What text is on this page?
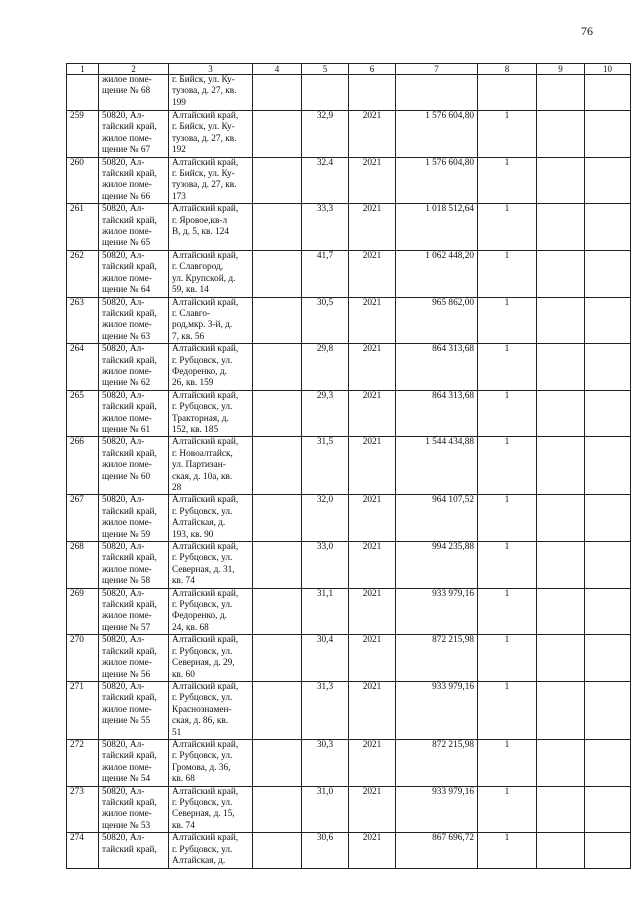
76
1	2	3	4	5	6	7	8	9	10
	жилое поме-
щение № 68	г. Бийск, ул. Ку-
тузова, д. 27, кв.
199							
259	50820, Ал-
тайский край,
жилое поме-
щение № 67	Алтайский край,
г. Бийск, ул. Ку-
тузова, д. 27, кв.
192		32,9	2021	1 576 604,80	1		
260	50820, Ал-
тайский край,
жилое поме-
щение № 66	Алтайский край,
г. Бийск, ул. Ку-
тузова, д. 27, кв.
173		32.4	2021	1 576 604,80	1		
261	50820, Ал-
тайский край,
жилое поме-
щение № 65	Алтайский край,
г. Яровое,кв-л
В, д. 5, кв. 124		33,3	2021	1 018 512,64	1		
262	50820, Ал-
тайский край,
жилое поме-
щение № 64	Алтайский край,
г. Славгород,
ул. Крупской, д.
59, кв. 14		41,7	2021	1 062 448,20	1		
263	50820, Ал-
тайский край,
жилое поме-
щение № 63	Алтайский край,
г. Славго-
род,мкр. 3-й, д.
7, кв. 56		30,5	2021	965 862,00	1		
264	50820, Ал-
тайский край,
жилое поме-
щение № 62	Алтайский край,
г. Рубцовск, ул.
Федоренко, д.
26, кв. 159		29,8	2021	864 313,68	1		
265	50820, Ал-
тайский край,
жилое поме-
щение № 61	Алтайский край,
г. Рубцовск, ул.
Тракторная, д.
152, кв. 185		29,3	2021	864 313,68	1		
266	50820, Ал-
тайский край,
жилое поме-
щение № 60	Алтайский край,
г. Новоалтайск,
ул. Партизан-
ская, д. 10а, кв.
28		31,5	2021	1 544 434,88	1		
267	50820, Ал-
тайский край,
жилое поме-
щение № 59	Алтайский край,
г. Рубцовск, ул.
Алтайская, д.
193, кв. 90		32,0	2021	964 107,52	1		
268	50820, Ал-
тайский край,
жилое поме-
щение № 58	Алтайский край,
г. Рубцовск, ул.
Северная, д. 31,
кв. 74		33,0	2021	994 235,88	1		
269	50820, Ал-
тайский край,
жилое поме-
щение № 57	Алтайский край,
г. Рубцовск, ул.
Федоренко, д.
24, кв. 68		31,1	2021	933 979,16	1		
270	50820, Ал-
тайский край,
жилое поме-
щение № 56	Алтайский край,
г. Рубцовск, ул.
Северная, д. 29,
кв. 60		30,4	2021	872 215,98	1		
271	50820, Ал-
тайский край,
жилое поме-
щение № 55	Алтайский край,
г. Рубцовск, ул.
Краснознамен-
ская, д. 86, кв.
51		31,3	2021	933 979,16	1		
272	50820, Ал-
тайский край,
жилое поме-
щение № 54	Алтайский край,
г. Рубцовск, ул.
Громова, д. 36,
кв. 68		30,3	2021	872 215,98	1		
273	50820, Ал-
тайский край,
жилое поме-
щение № 53	Алтайский край,
г. Рубцовск, ул.
Северная, д. 15,
кв. 74		31,0	2021	933 979,16	1		
274	50820, Ал-
тайский край,	Алтайский край,
г. Рубцовск, ул.
Алтайская, д.		30,6	2021	867 696,72	1		
